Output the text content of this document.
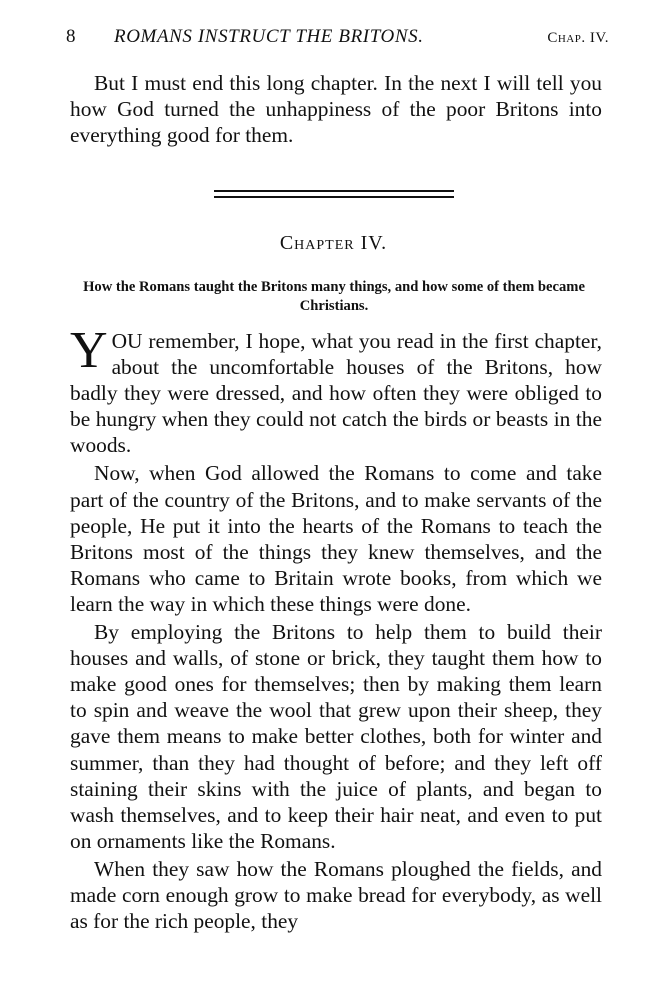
8	ROMANS INSTRUCT THE BRITONS.	Chap. IV.

But I must end this long chapter. In the next I will tell you how God turned the unhappiness of the poor Britons into everything good for them.

Chapter IV.

How the Romans taught the Britons many things, and how some of them became Christians.

YOU remember, I hope, what you read in the first chapter, about the uncomfortable houses of the Britons, how badly they were dressed, and how often they were obliged to be hungry when they could not catch the birds or beasts in the woods.

Now, when God allowed the Romans to come and take part of the country of the Britons, and to make servants of the people, He put it into the hearts of the Romans to teach the Britons most of the things they knew themselves, and the Romans who came to Britain wrote books, from which we learn the way in which these things were done.

By employing the Britons to help them to build their houses and walls, of stone or brick, they taught them how to make good ones for themselves; then by making them learn to spin and weave the wool that grew upon their sheep, they gave them means to make better clothes, both for winter and summer, than they had thought of before; and they left off staining their skins with the juice of plants, and began to wash themselves, and to keep their hair neat, and even to put on ornaments like the Romans.

When they saw how the Romans ploughed the fields, and made corn enough grow to make bread for everybody, as well as for the rich people, they
